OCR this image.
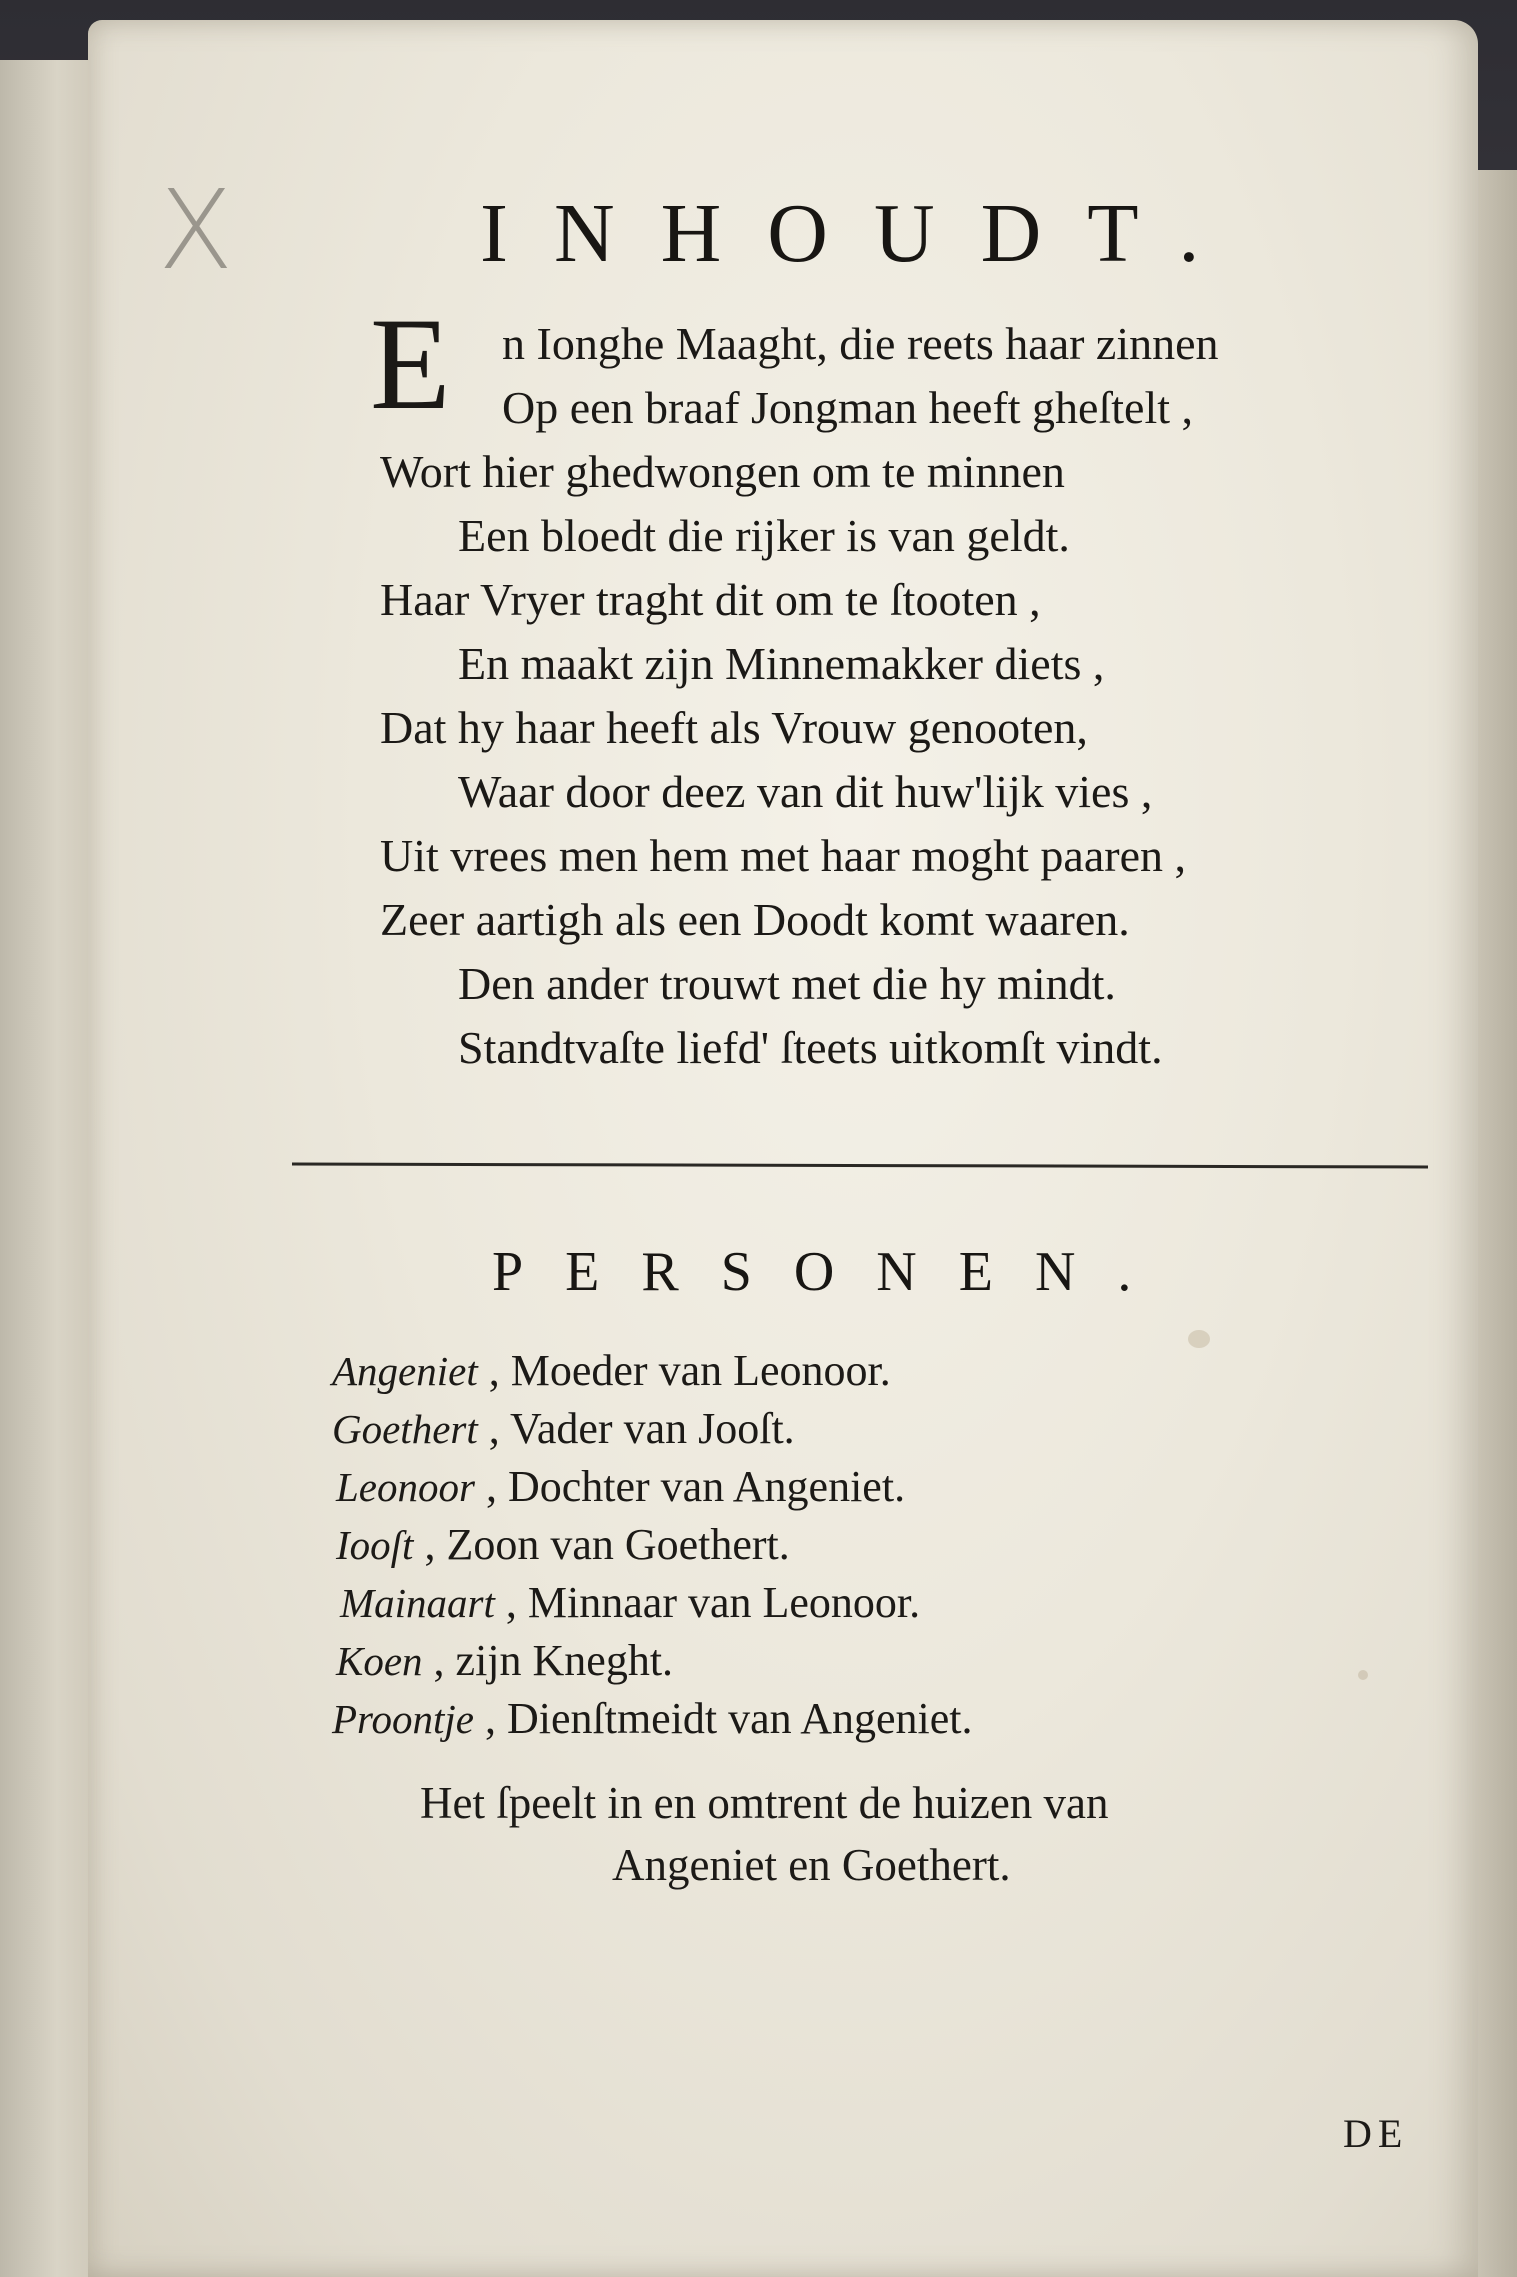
X	INHOUDT.
E	n Ionghe Maaght, die reets haar zinnen
Op een braaf Jongman heeft gheſtelt ,
Wort hier ghedwongen om te minnen
Een bloedt die rijker is van geldt.
Haar Vryer traght dit om te ſtooten ,
En maakt zijn Minnemakker diets ,
Dat hy haar heeft als Vrouw genooten,
Waar door deez van dit huw'lijk vies ,
Uit vrees men hem met haar moght paaren ,
Zeer aartigh als een Doodt komt waaren.
Den ander trouwt met die hy mindt.
Standtvaſte liefd' ſteets uitkomſt vindt.
PERSONEN.
Angeniet , Moeder van Leonoor.
Goethert , Vader van Jooſt.
Leonoor , Dochter van Angeniet.
Iooſt , Zoon van Goethert.
Mainaart , Minnaar van Leonoor.
Koen , zijn Kneght.
Proontje , Dienſtmeidt van Angeniet.
Het ſpeelt in en omtrent de huizen van
Angeniet en Goethert.
DE
